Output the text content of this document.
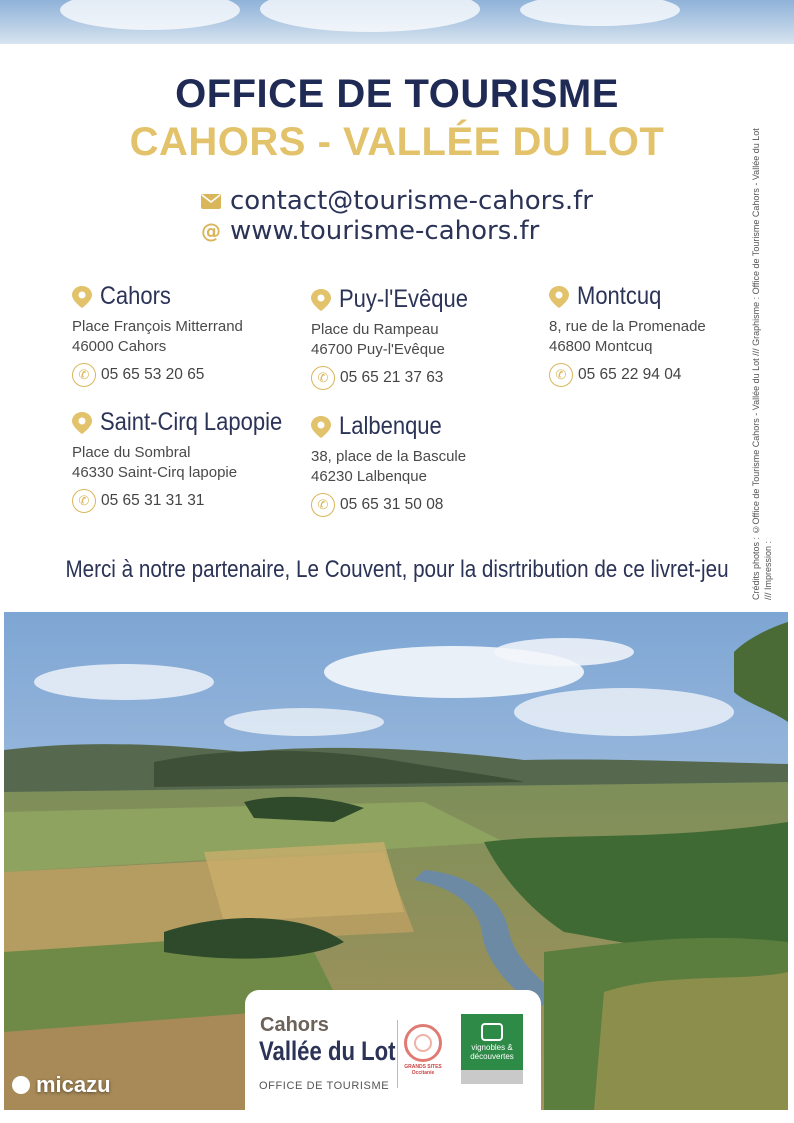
OFFICE DE TOURISME
CAHORS - VALLÉE DU LOT
contact@tourisme-cahors.fr
@ www.tourisme-cahors.fr
Cahors
Place François Mitterrand
46000 Cahors
✆ 05 65 53 20 65
Puy-l'Evêque
Place du Rampeau
46700 Puy-l'Evêque
✆ 05 65 21 37 63
Montcuq
8, rue de la Promenade
46800 Montcuq
✆ 05 65 22 94 04
Saint-Cirq Lapopie
Place du Sombral
46330 Saint-Cirq lapopie
✆ 05 65 31 31 31
Lalbenque
38, place de la Bascule
46230 Lalbenque
✆ 05 65 31 50 08
Merci à notre partenaire, Le Couvent, pour la disrtribution de ce livret-jeu	Crédits photos : ©Office de Tourisme Cahors - Vallée du Lot /// Graphisme : Office de Tourisme Cahors - Vallée du Lot /// Impression :
Cahors
Vallée du Lot
OFFICE DE TOURISME
GRANDS SITES Occitanie
vignobles & découvertes
micazu
